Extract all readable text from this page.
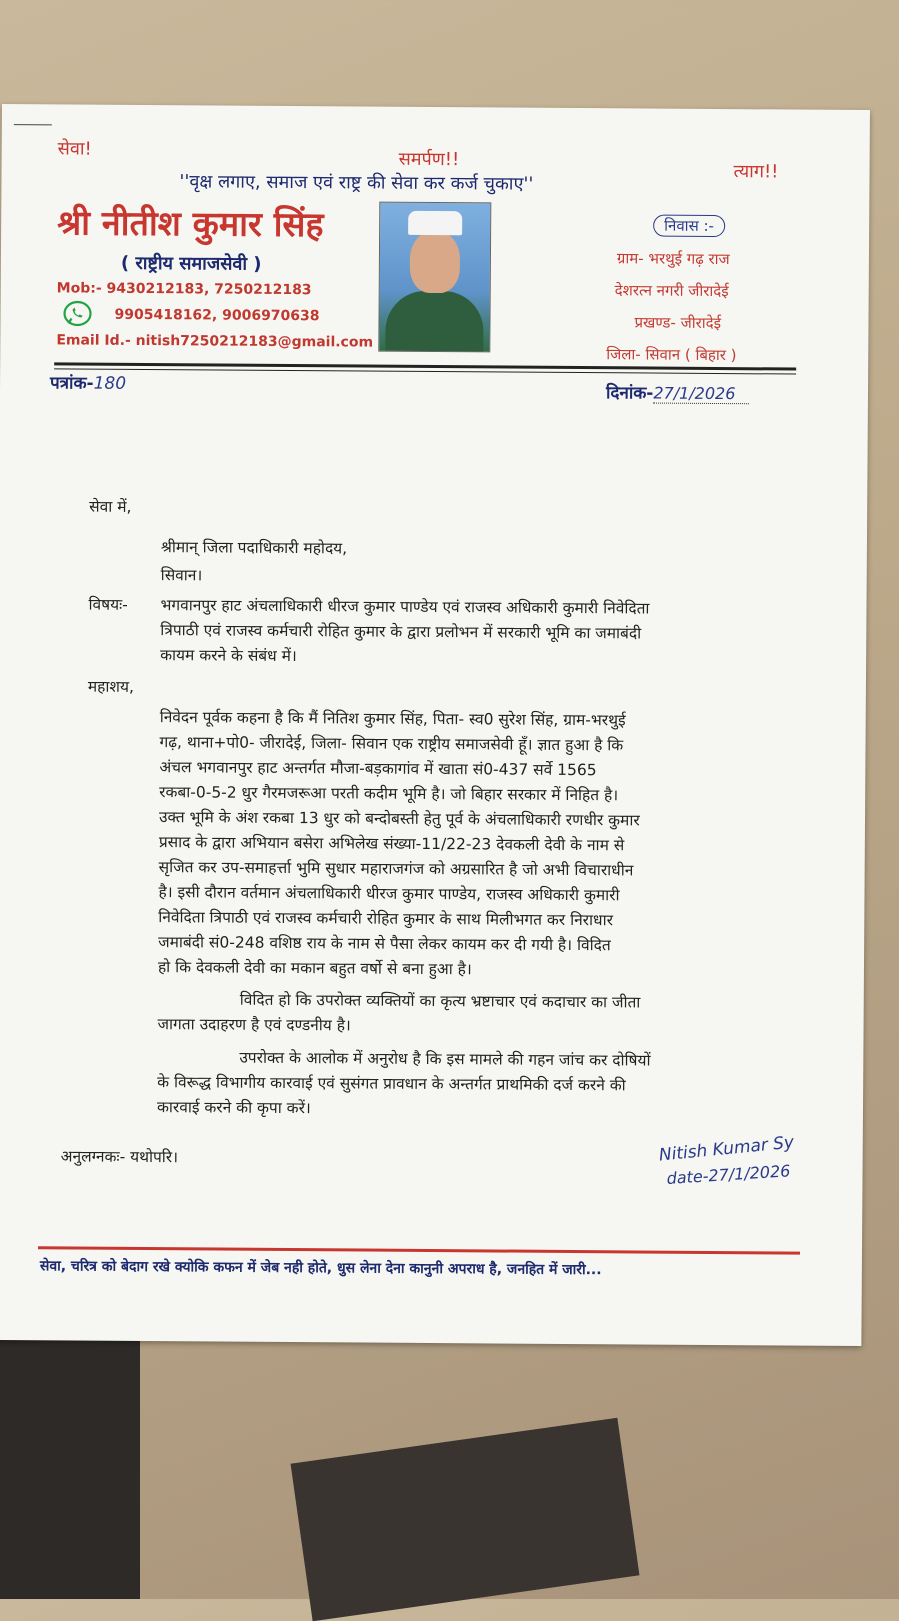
सेवा!	समर्पण!!
त्याग!!
''वृक्ष लगाए, समाज एवं राष्ट्र की सेवा कर कर्ज चुकाए''
श्री नीतीश कुमार सिंह
( राष्ट्रीय समाजसेवी )
Mob:- 9430212183, 7250212183
9905418162, 9006970638
Email Id.- nitish7250212183@gmail.com
निवास :-
ग्राम- भरथुई गढ़ राज
देशरत्न नगरी जीरादेई
प्रखण्ड- जीरादेई
जिला- सिवान ( बिहार )
पत्रांक-180	दिनांक-27/1/2026
सेवा में,
श्रीमान् जिला पदाधिकारी महोदय,
सिवान।
विषयः- भगवानपुर हाट अंचलाधिकारी धीरज कुमार पाण्डेय एवं राजस्व अधिकारी कुमारी निवेदिता
त्रिपाठी एवं राजस्व कर्मचारी रोहित कुमार के द्वारा प्रलोभन में सरकारी भूमि का जमाबंदी
कायम करने के संबंध में।
महाशय,
निवेदन पूर्वक कहना है कि मैं नितिश कुमार सिंह, पिता- स्व0 सुरेश सिंह, ग्राम-भरथुई
गढ़, थाना+पो0- जीरादेई, जिला- सिवान एक राष्ट्रीय समाजसेवी हूँ। ज्ञात हुआ है कि
अंचल भगवानपुर हाट अन्तर्गत मौजा-बड़कागांव में खाता सं0-437 सर्वे 1565
रकबा-0-5-2 धुर गैरमजरूआ परती कदीम भूमि है। जो बिहार सरकार में निहित है।
उक्त भूमि के अंश रकबा 13 धुर को बन्दोबस्ती हेतु पूर्व के अंचलाधिकारी रणधीर कुमार
प्रसाद के द्वारा अभियान बसेरा अभिलेख संख्या-11/22-23 देवकली देवी के नाम से
सृजित कर उप-समाहर्त्ता भुमि सुधार महाराजगंज को अग्रसारित है जो अभी विचाराधीन
है। इसी दौरान वर्तमान अंचलाधिकारी धीरज कुमार पाण्डेय, राजस्व अधिकारी कुमारी
निवेदिता त्रिपाठी एवं राजस्व कर्मचारी रोहित कुमार के साथ मिलीभगत कर निराधार
जमाबंदी सं0-248 वशिष्ठ राय के नाम से पैसा लेकर कायम कर दी गयी है। विदित
हो कि देवकली देवी का मकान बहुत वर्षो से बना हुआ है।
विदित हो कि उपरोक्त व्यक्तियों का कृत्य भ्रष्टाचार एवं कदाचार का जीता
जागता उदाहरण है एवं दण्डनीय है।
उपरोक्त के आलोक में अनुरोध है कि इस मामले की गहन जांच कर दोषियों
के विरूद्ध विभागीय कारवाई एवं सुसंगत प्रावधान के अन्तर्गत प्राथमिकी दर्ज करने की
कारवाई करने की कृपा करें।
अनुलग्नकः- यथोपरि।	Nitish Kumar Sy
date-27/1/2026
सेवा, चरित्र को बेदाग रखे क्योकि कफन में जेब नही होते, धुस लेना देना कानुनी अपराध है, जनहित में जारी...
